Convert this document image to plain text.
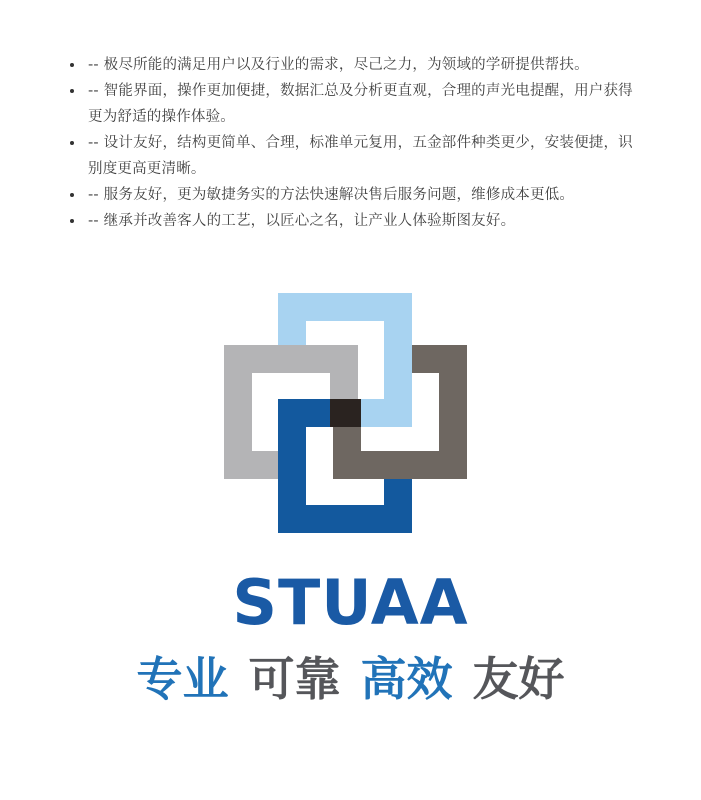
-- 极尽所能的满足用户以及行业的需求，尽己之力，为领域的学研提供帮扶。
-- 智能界面，操作更加便捷，数据汇总及分析更直观，合理的声光电提醒，用户获得更为舒适的操作体验。
-- 设计友好，结构更简单、合理，标准单元复用，五金部件种类更少，安装便捷，识别度更高更清晰。
-- 服务友好，更为敏捷务实的方法快速解决售后服务问题，维修成本更低。
-- 继承并改善客人的工艺，以匠心之名，让产业人体验斯图友好。
STUAA
专业 可靠 高效 友好
